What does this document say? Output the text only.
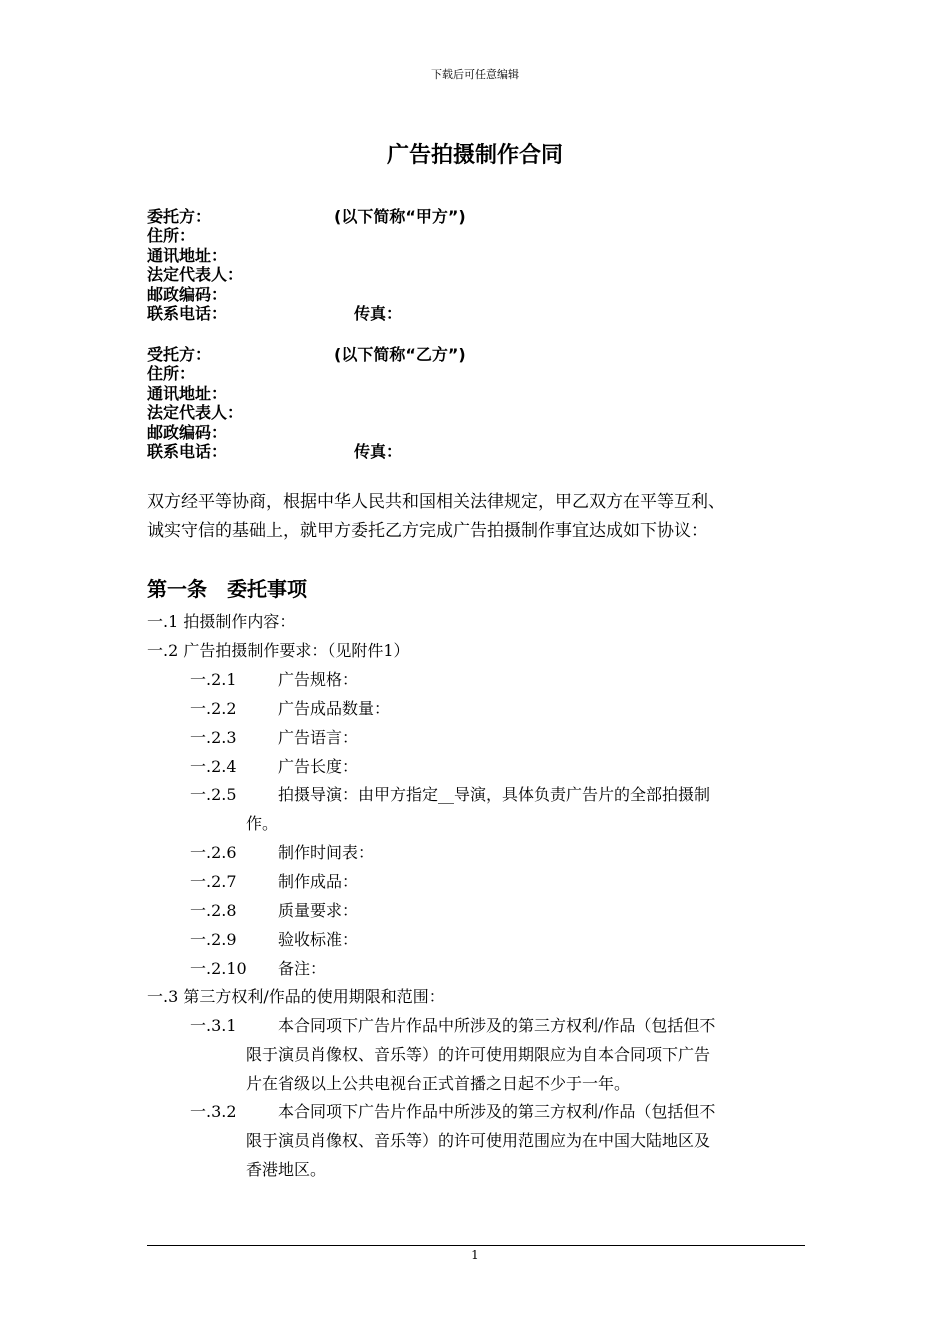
下载后可任意编辑
广告拍摄制作合同
委托方：	(以下简称“甲方”)
住所：
通讯地址：
法定代表人：
邮政编码：
联系电话：	传真：
受托方：	(以下简称“乙方”)
住所：
通讯地址：
法定代表人：
邮政编码：
联系电话：	传真：
双方经平等协商，根据中华人民共和国相关法律规定，甲乙双方在平等互利、
诚实守信的基础上，就甲方委托乙方完成广告拍摄制作事宜达成如下协议：
第一条　委托事项
一.1 拍摄制作内容：
一.2 广告拍摄制作要求：（见附件1）
一.2.1	广告规格：
一.2.2	广告成品数量：
一.2.3	广告语言：
一.2.4	广告长度：
一.2.5	拍摄导演：由甲方指定__导演，具体负责广告片的全部拍摄制
作。
一.2.6	制作时间表：
一.2.7	制作成品：
一.2.8	质量要求：
一.2.9	验收标准：
一.2.10 备注：
一.3 第三方权利/作品的使用期限和范围：
一.3.1	本合同项下广告片作品中所涉及的第三方权利/作品（包括但不
限于演员肖像权、音乐等）的许可使用期限应为自本合同项下广告
片在省级以上公共电视台正式首播之日起不少于一年。
一.3.2	本合同项下广告片作品中所涉及的第三方权利/作品（包括但不
限于演员肖像权、音乐等）的许可使用范围应为在中国大陆地区及
香港地区。
1
